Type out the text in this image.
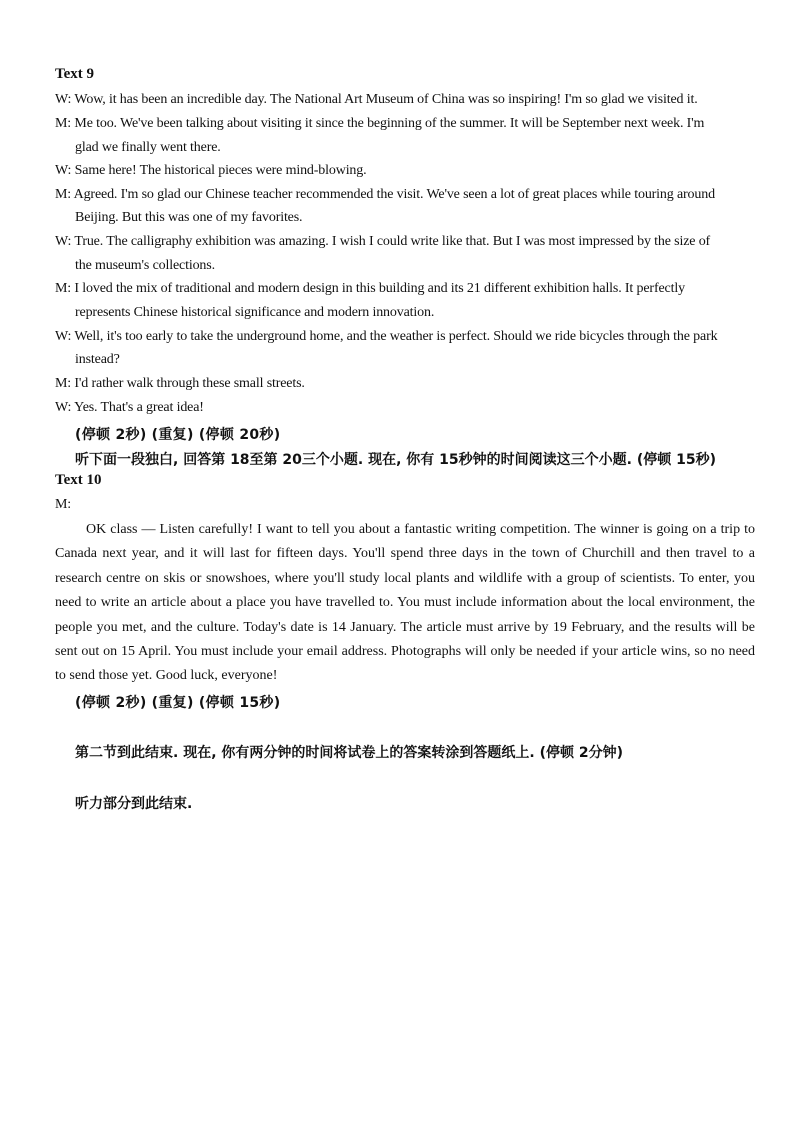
Text 9
W: Wow, it has been an incredible day. The National Art Museum of China was so inspiring! I'm so glad we visited it.
M: Me too. We've been talking about visiting it since the beginning of the summer. It will be September next week. I'm
glad we finally went there.
W: Same here! The historical pieces were mind-blowing.
M: Agreed. I'm so glad our Chinese teacher recommended the visit. We've seen a lot of great places while touring around
Beijing. But this was one of my favorites.
W: True. The calligraphy exhibition was amazing. I wish I could write like that. But I was most impressed by the size of
the museum's collections.
M: I loved the mix of traditional and modern design in this building and its 21 different exhibition halls. It perfectly
represents Chinese historical significance and modern innovation.
W: Well, it's too early to take the underground home, and the weather is perfect. Should we ride bicycles through the park
instead?
M: I'd rather walk through these small streets.
W: Yes. That's a great idea!
(停顿 2秒) (重复) (停顿 20秒)
听下面一段独白, 回答第 18至第 20三个小题. 现在, 你有 15秒钟的时间阅读这三个小题. (停顿 15秒)
Text 10
M:
OK class — Listen carefully! I want to tell you about a fantastic writing competition. The winner is going on a trip to Canada next year, and it will last for fifteen days. You'll spend three days in the town of Churchill and then travel to a research centre on skis or snowshoes, where you'll study local plants and wildlife with a group of scientists. To enter, you need to write an article about a place you have travelled to. You must include information about the local environment, the people you met, and the culture. Today's date is 14 January. The article must arrive by 19 February, and the results will be sent out on 15 April. You must include your email address. Photographs will only be needed if your article wins, so no need to send those yet. Good luck, everyone!
(停顿 2秒) (重复) (停顿 15秒)
第二节到此结束. 现在, 你有两分钟的时间将试卷上的答案转涂到答题纸上. (停顿 2分钟)
听力部分到此结束.
